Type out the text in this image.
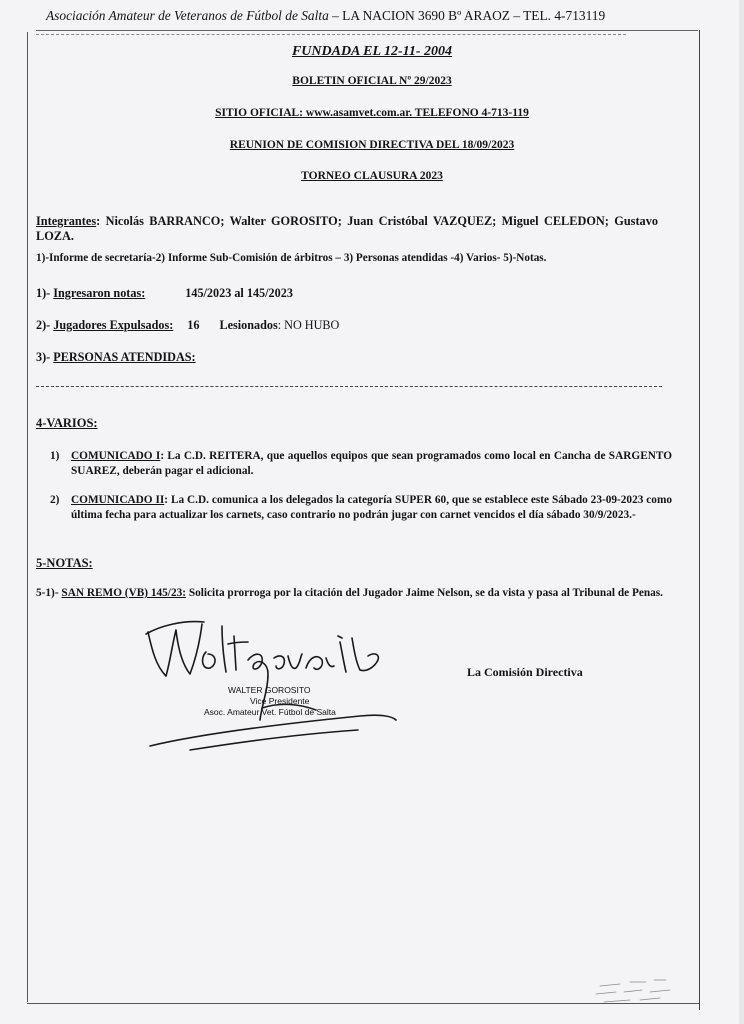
Asociación Amateur de Veteranos de Fútbol de Salta – LA NACION 3690 Bº ARAOZ – TEL. 4-713119
FUNDADA EL 12-11- 2004
BOLETIN OFICIAL Nº 29/2023
SITIO OFICIAL: www.asamvet.com.ar. TELEFONO 4-713-119
REUNION DE COMISION DIRECTIVA DEL 18/09/2023
TORNEO CLAUSURA 2023
Integrantes: Nicolás BARRANCO; Walter GOROSITO; Juan Cristóbal VAZQUEZ; Miguel CELEDON; Gustavo LOZA.
1)-Informe de secretaría-2) Informe Sub-Comisión de árbitros – 3) Personas atendidas -4) Varios- 5)-Notas.
1)- Ingresaron notas:	145/2023 al 145/2023
2)- Jugadores Expulsados: 16 Lesionados: NO HUBO
3)- PERSONAS ATENDIDAS:
4-VARIOS:
1) COMUNICADO I: La C.D. REITERA, que aquellos equipos que sean programados como local en Cancha de SARGENTO SUAREZ, deberán pagar el adicional.
2) COMUNICADO II: La C.D. comunica a los delegados la categoría SUPER 60, que se establece este Sábado 23-09-2023 como última fecha para actualizar los carnets, caso contrario no podrán jugar con carnet vencidos el día sábado 30/9/2023.-
5-NOTAS:
5-1)- SAN REMO (VB) 145/23: Solicita prorroga por la citación del Jugador Jaime Nelson, se da vista y pasa al Tribunal de Penas.
WALTER GOROSITO
Vice Presidente
Asoc. Amateur Vet. Fútbol de Salta
La Comisión Directiva
